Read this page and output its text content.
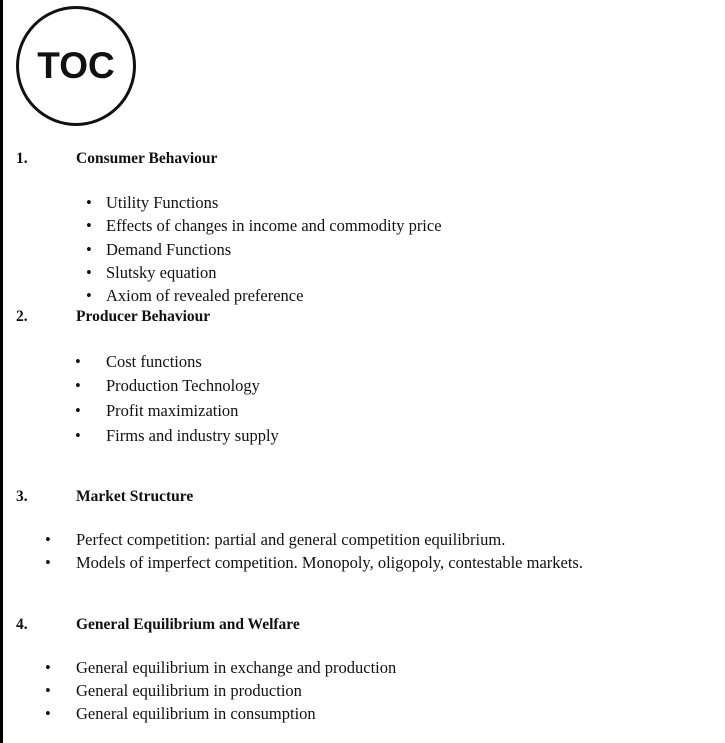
TOC
1.	Consumer Behaviour
• Utility Functions
• Effects of changes in income and commodity price
• Demand Functions
• Slutsky equation
• Axiom of revealed preference
2.	Producer Behaviour
• Cost functions
• Production Technology
• Profit maximization
• Firms and industry supply
3.	Market Structure
• Perfect competition: partial and general competition equilibrium.
• Models of imperfect competition. Monopoly, oligopoly, contestable markets.
4.	General Equilibrium and Welfare
• General equilibrium in exchange and production
• General equilibrium in production
• General equilibrium in consumption
